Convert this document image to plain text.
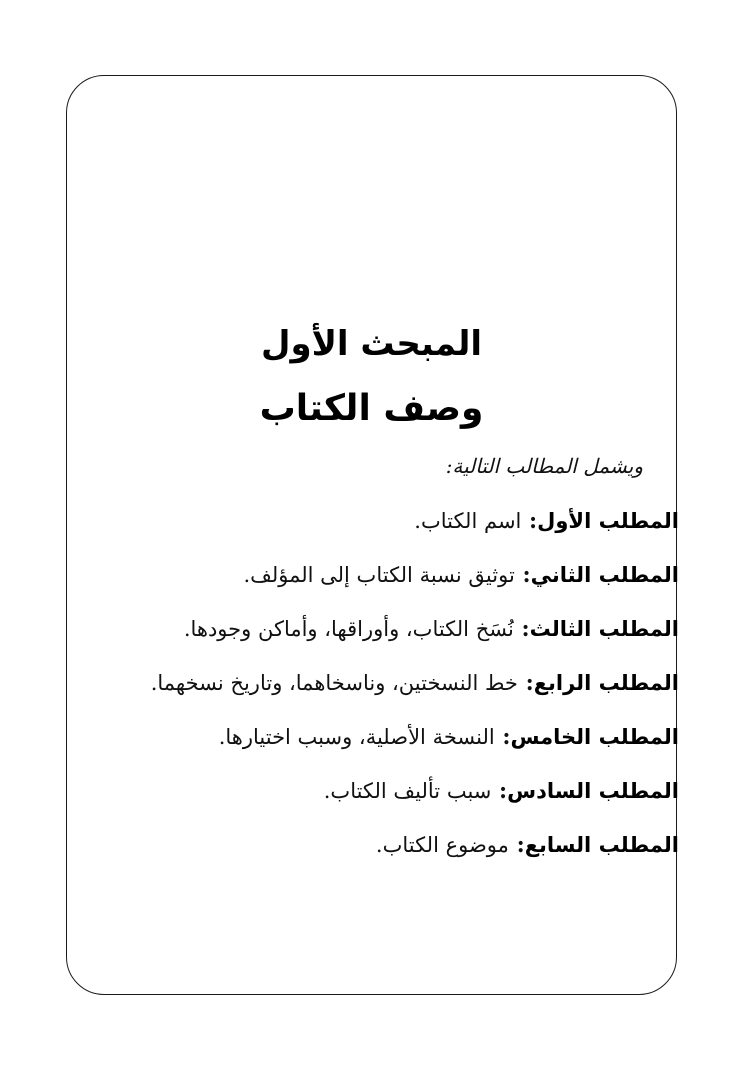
المبحث الأول
وصف الكتاب
ويشمل المطالب التالية:
المطلب الأول: اسم الكتاب.
المطلب الثاني: توثيق نسبة الكتاب إلى المؤلف.
المطلب الثالث: نُسَخ الكتاب، وأوراقها، وأماكن وجودها.
المطلب الرابع: خط النسختين، وناسخاهما، وتاريخ نسخهما.
المطلب الخامس: النسخة الأصلية، وسبب اختيارها.
المطلب السادس: سبب تأليف الكتاب.
المطلب السابع: موضوع الكتاب.
